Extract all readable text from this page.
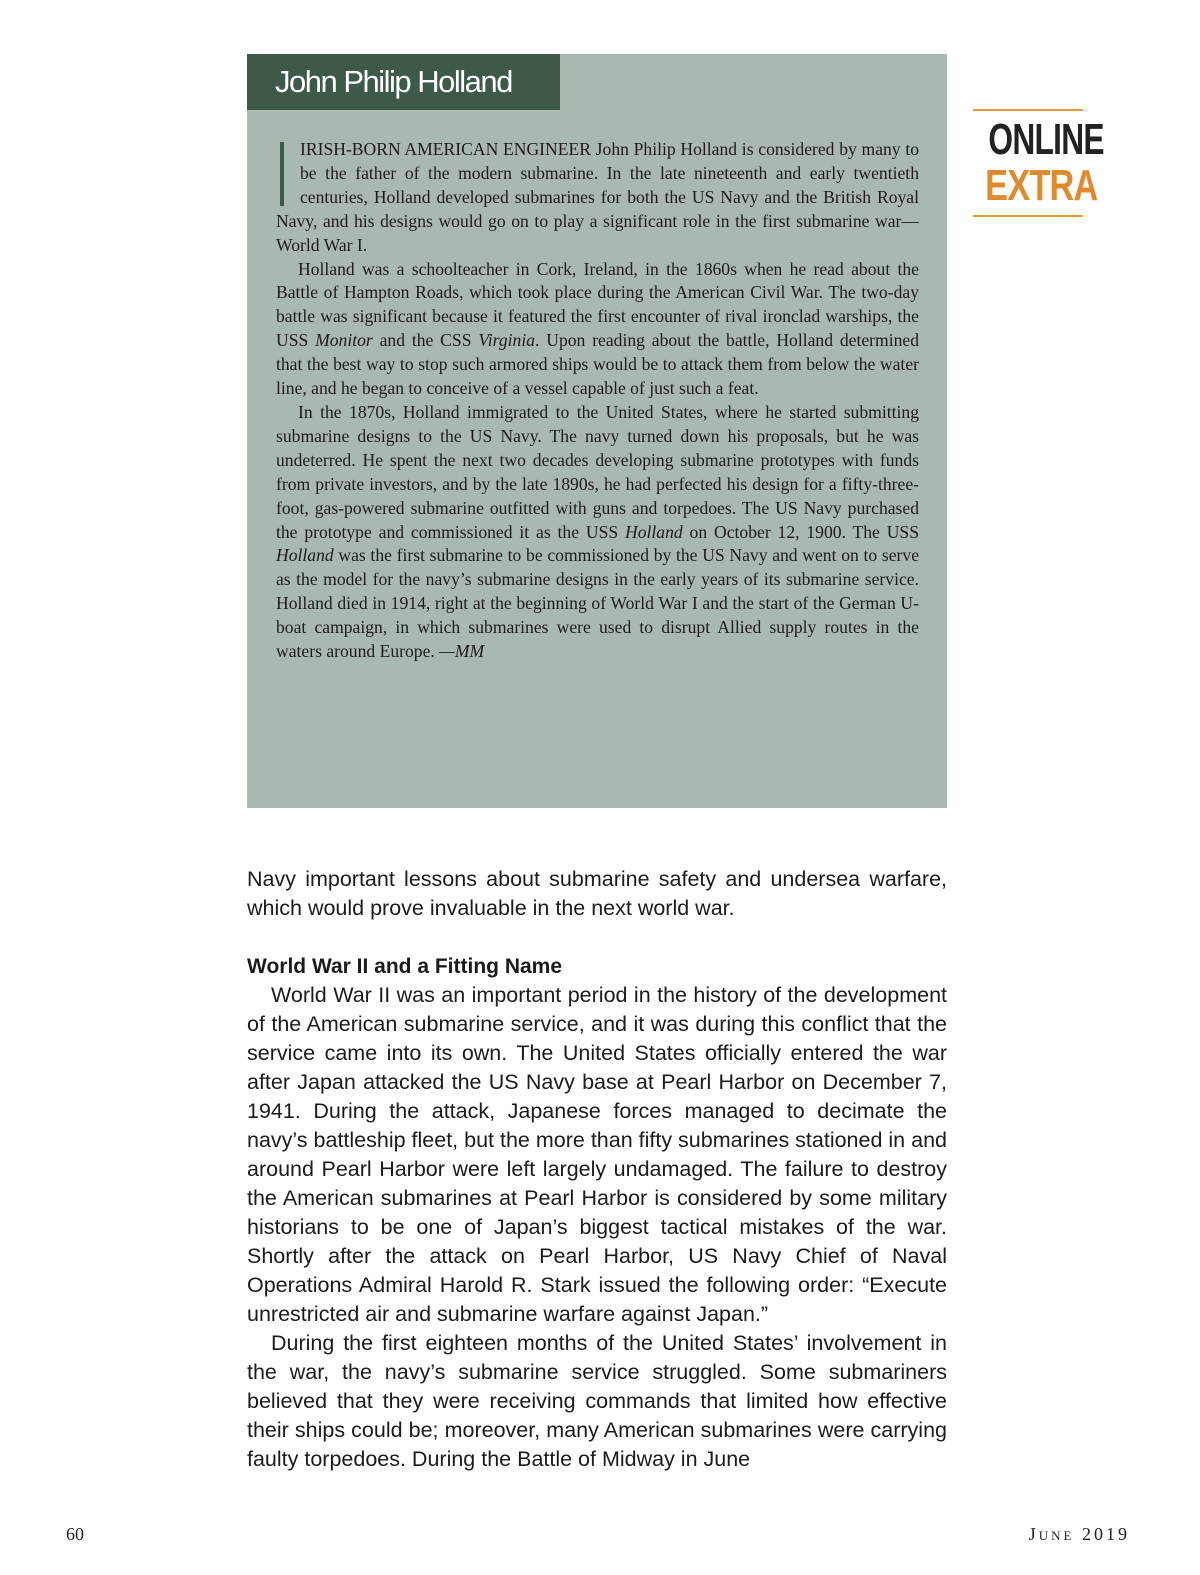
John Philip Holland

IRISH-BORN AMERICAN ENGINEER John Philip Holland is considered by many to be the father of the modern submarine. In the late nineteenth and early twentieth centuries, Holland developed submarines for both the US Navy and the British Royal Navy, and his designs would go on to play a significant role in the first submarine war—World War I.

Holland was a schoolteacher in Cork, Ireland, in the 1860s when he read about the Battle of Hampton Roads, which took place during the American Civil War. The two-day battle was significant because it featured the first encounter of rival ironclad warships, the USS Monitor and the CSS Virginia. Upon reading about the battle, Holland determined that the best way to stop such armored ships would be to attack them from below the water line, and he began to conceive of a vessel capable of just such a feat.

In the 1870s, Holland immigrated to the United States, where he started submitting submarine designs to the US Navy. The navy turned down his proposals, but he was undeterred. He spent the next two decades developing submarine prototypes with funds from private investors, and by the late 1890s, he had perfected his design for a fifty-three-foot, gas-powered submarine outfitted with guns and torpedoes. The US Navy purchased the prototype and commissioned it as the USS Holland on October 12, 1900. The USS Holland was the first submarine to be commissioned by the US Navy and went on to serve as the model for the navy’s submarine designs in the early years of its submarine service. Holland died in 1914, right at the beginning of World War I and the start of the German U-boat campaign, in which submarines were used to disrupt Allied supply routes in the waters around Europe. —MM

ONLINE
EXTRA

Navy important lessons about submarine safety and undersea warfare, which would prove invaluable in the next world war.

World War II and a Fitting Name

World War II was an important period in the history of the development of the American submarine service, and it was during this conflict that the service came into its own. The United States officially entered the war after Japan attacked the US Navy base at Pearl Harbor on December 7, 1941. During the attack, Japanese forces managed to decimate the navy’s battleship fleet, but the more than fifty submarines stationed in and around Pearl Harbor were left largely undamaged. The failure to destroy the American submarines at Pearl Harbor is considered by some military historians to be one of Japan’s biggest tactical mistakes of the war. Shortly after the attack on Pearl Harbor, US Navy Chief of Naval Operations Admiral Harold R. Stark issued the following order: “Execute unrestricted air and submarine warfare against Japan.”

During the first eighteen months of the United States’ involvement in the war, the navy’s submarine service struggled. Some submariners believed that they were receiving commands that limited how effective their ships could be; moreover, many American submarines were carrying faulty torpedoes. During the Battle of Midway in June

60	June 2019
